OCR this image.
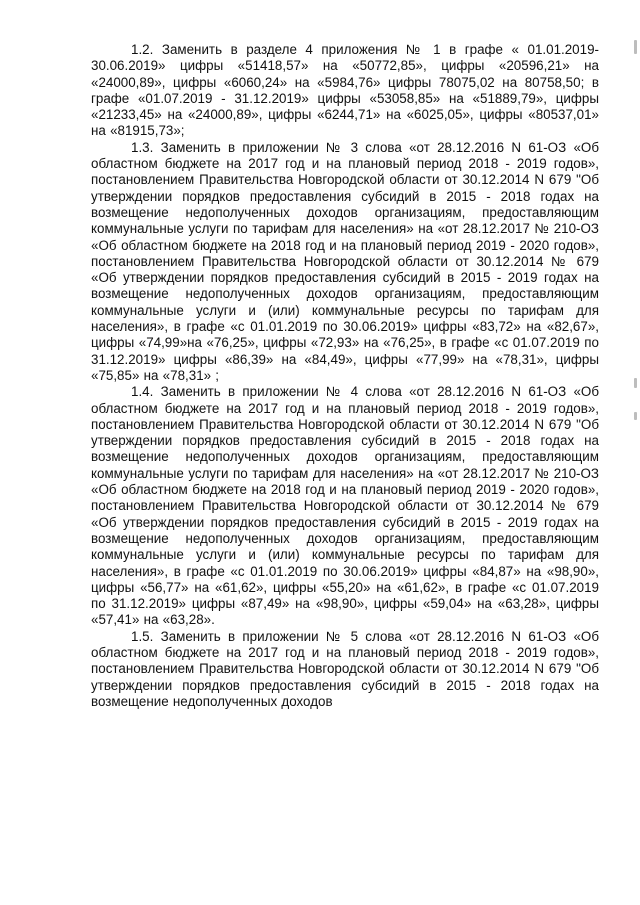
1.2. Заменить в разделе 4 приложения № 1 в графе « 01.01.2019-30.06.2019» цифры «51418,57» на «50772,85», цифры «20596,21» на «24000,89», цифры «6060,24» на «5984,76» цифры 78075,02 на 80758,50; в графе «01.07.2019 - 31.12.2019» цифры «53058,85» на «51889,79», цифры «21233,45» на «24000,89», цифры «6244,71» на «6025,05», цифры «80537,01» на «81915,73»;

1.3. Заменить в приложении № 3 слова «от 28.12.2016 N 61-ОЗ «Об областном бюджете на 2017 год и на плановый период 2018 - 2019 годов», постановлением Правительства Новгородской области от 30.12.2014 N 679 "Об утверждении порядков предоставления субсидий в 2015 - 2018 годах на возмещение недополученных доходов организациям, предоставляющим коммунальные услуги по тарифам для населения» на «от 28.12.2017 № 210-ОЗ «Об областном бюджете на 2018 год и на плановый период 2019 - 2020 годов», постановлением Правительства Новгородской области от 30.12.2014 № 679 «Об утверждении порядков предоставления субсидий в 2015 - 2019 годах на возмещение недополученных доходов организациям, предоставляющим коммунальные услуги и (или) коммунальные ресурсы по тарифам для населения», в графе «с 01.01.2019 по 30.06.2019» цифры «83,72» на «82,67», цифры «74,99»на «76,25», цифры «72,93» на «76,25», в графе «с 01.07.2019 по 31.12.2019» цифры «86,39» на «84,49», цифры «77,99» на «78,31», цифры «75,85» на «78,31» ;

1.4. Заменить в приложении № 4 слова «от 28.12.2016 N 61-ОЗ «Об областном бюджете на 2017 год и на плановый период 2018 - 2019 годов», постановлением Правительства Новгородской области от 30.12.2014 N 679 "Об утверждении порядков предоставления субсидий в 2015 - 2018 годах на возмещение недополученных доходов организациям, предоставляющим коммунальные услуги по тарифам для населения» на «от 28.12.2017 № 210-ОЗ «Об областном бюджете на 2018 год и на плановый период 2019 - 2020 годов», постановлением Правительства Новгородской области от 30.12.2014 № 679 «Об утверждении порядков предоставления субсидий в 2015 - 2019 годах на возмещение недополученных доходов организациям, предоставляющим коммунальные услуги и (или) коммунальные ресурсы по тарифам для населения», в графе «с 01.01.2019 по 30.06.2019» цифры «84,87» на «98,90», цифры «56,77» на «61,62», цифры «55,20» на «61,62», в графе «с 01.07.2019 по 31.12.2019» цифры «87,49» на «98,90», цифры «59,04» на «63,28», цифры «57,41» на «63,28».

1.5. Заменить в приложении № 5 слова «от 28.12.2016 N 61-ОЗ «Об областном бюджете на 2017 год и на плановый период 2018 - 2019 годов», постановлением Правительства Новгородской области от 30.12.2014 N 679 "Об утверждении порядков предоставления субсидий в 2015 - 2018 годах на возмещение недополученных доходов
